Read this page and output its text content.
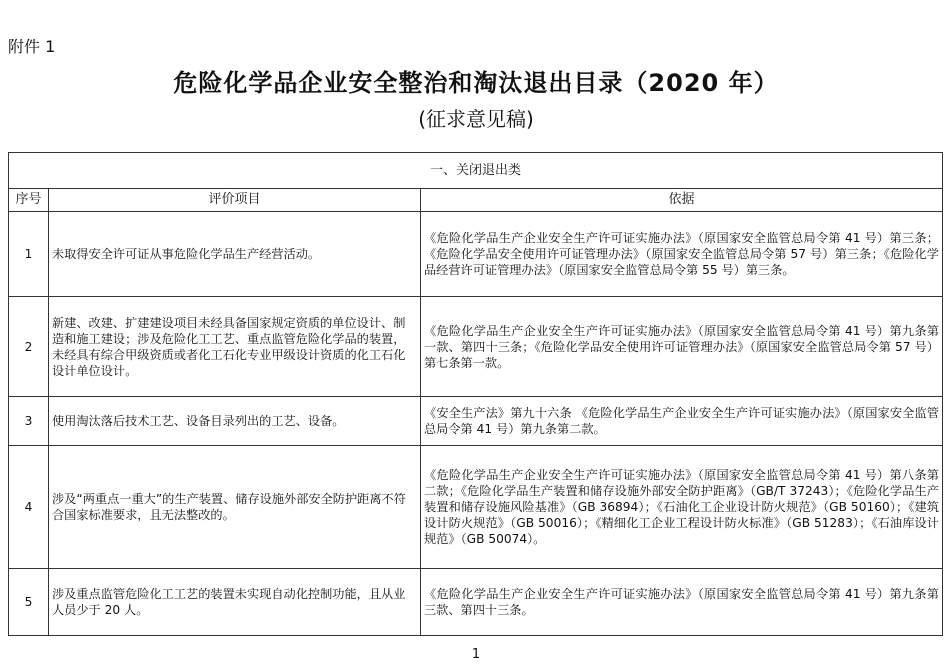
附件 1
危险化学品企业安全整治和淘汰退出目录（2020 年）
(征求意见稿)
一、关闭退出类		
序号	评价项目	依据
1	未取得安全许可证从事危险化学品生产经营活动。	《危险化学品生产企业安全生产许可证实施办法》（原国家安全监管总局令第 41 号）第三条；《危险化学品安全使用许可证管理办法》（原国家安全监管总局令第 57 号）第三条；《危险化学品经营许可证管理办法》（原国家安全监管总局令第 55 号）第三条。
2	新建、改建、扩建建设项目未经具备国家规定资质的单位设计、制造和施工建设；涉及危险化工工艺、重点监管危险化学品的装置，未经具有综合甲级资质或者化工石化专业甲级设计资质的化工石化设计单位设计。	《危险化学品生产企业安全生产许可证实施办法》（原国家安全监管总局令第 41 号）第九条第一款、第四十三条；《危险化学品安全使用许可证管理办法》（原国家安全监管总局令第 57 号）第七条第一款。
3	使用淘汰落后技术工艺、设备目录列出的工艺、设备。	《安全生产法》第九十六条 《危险化学品生产企业安全生产许可证实施办法》（原国家安全监管总局令第 41 号）第九条第二款。
4	涉及“两重点一重大”的生产装置、储存设施外部安全防护距离不符合国家标准要求，且无法整改的。	《危险化学品生产企业安全生产许可证实施办法》（原国家安全监管总局令第 41 号）第八条第二款；《危险化学品生产装置和储存设施外部安全防护距离》（GB/T 37243）；《危险化学品生产装置和储存设施风险基准》（GB 36894）；《石油化工企业设计防火规范》（GB 50160）；《建筑设计防火规范》（GB 50016）；《精细化工企业工程设计防火标准》（GB 51283）；《石油库设计规范》（GB 50074）。
5	涉及重点监管危险化工工艺的装置未实现自动化控制功能，且从业人员少于 20 人。	《危险化学品生产企业安全生产许可证实施办法》（原国家安全监管总局令第 41 号）第九条第三款、第四十三条。
1
